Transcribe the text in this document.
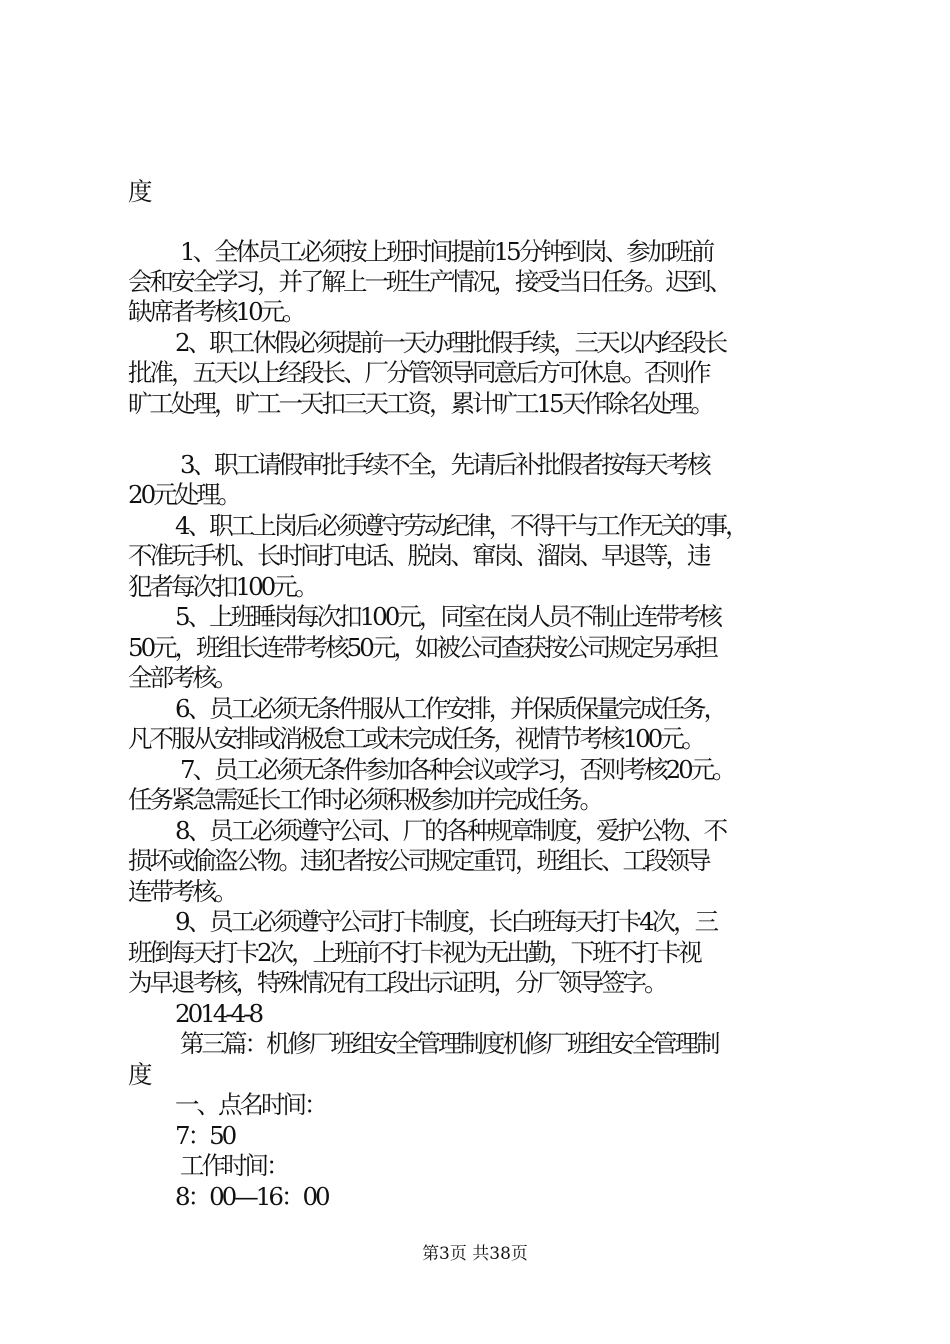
度
1、全体员工必须按上班时间提前15分钟到岗、参加班前
会和安全学习，并了解上一班生产情况，接受当日任务。迟到、
缺席者考核10元。
2、职工休假必须提前一天办理批假手续，三天以内经段长
批准，五天以上经段长、厂分管领导同意后方可休息。否则作
旷工处理，旷工一天扣三天工资，累计旷工15天作除名处理。
3、职工请假审批手续不全，先请后补批假者按每天考核
20元处理。
4、职工上岗后必须遵守劳动纪律，不得干与工作无关的事，
不准玩手机、长时间打电话、脱岗、窜岗、溜岗、早退等，违
犯者每次扣100元。
5、上班睡岗每次扣100元，同室在岗人员不制止连带考核
50元，班组长连带考核50元，如被公司查获按公司规定另承担
全部考核。
6、员工必须无条件服从工作安排，并保质保量完成任务，
凡不服从安排或消极怠工或未完成任务，视情节考核100元。
7、员工必须无条件参加各种会议或学习，否则考核20元。
任务紧急需延长工作时必须积极参加并完成任务。
8、员工必须遵守公司、厂的各种规章制度，爱护公物、不
损坏或偷盗公物。违犯者按公司规定重罚，班组长、工段领导
连带考核。
9、员工必须遵守公司打卡制度，长白班每天打卡4次，三
班倒每天打卡2次，上班前不打卡视为无出勤，下班不打卡视
为早退考核，特殊情况有工段出示证明，分厂领导签字。
2014-4-8
第三篇：机修厂班组安全管理制度机修厂班组安全管理制
度
一、点名时间：
7：50
工作时间：
8：00—16：00
第3页 共38页
